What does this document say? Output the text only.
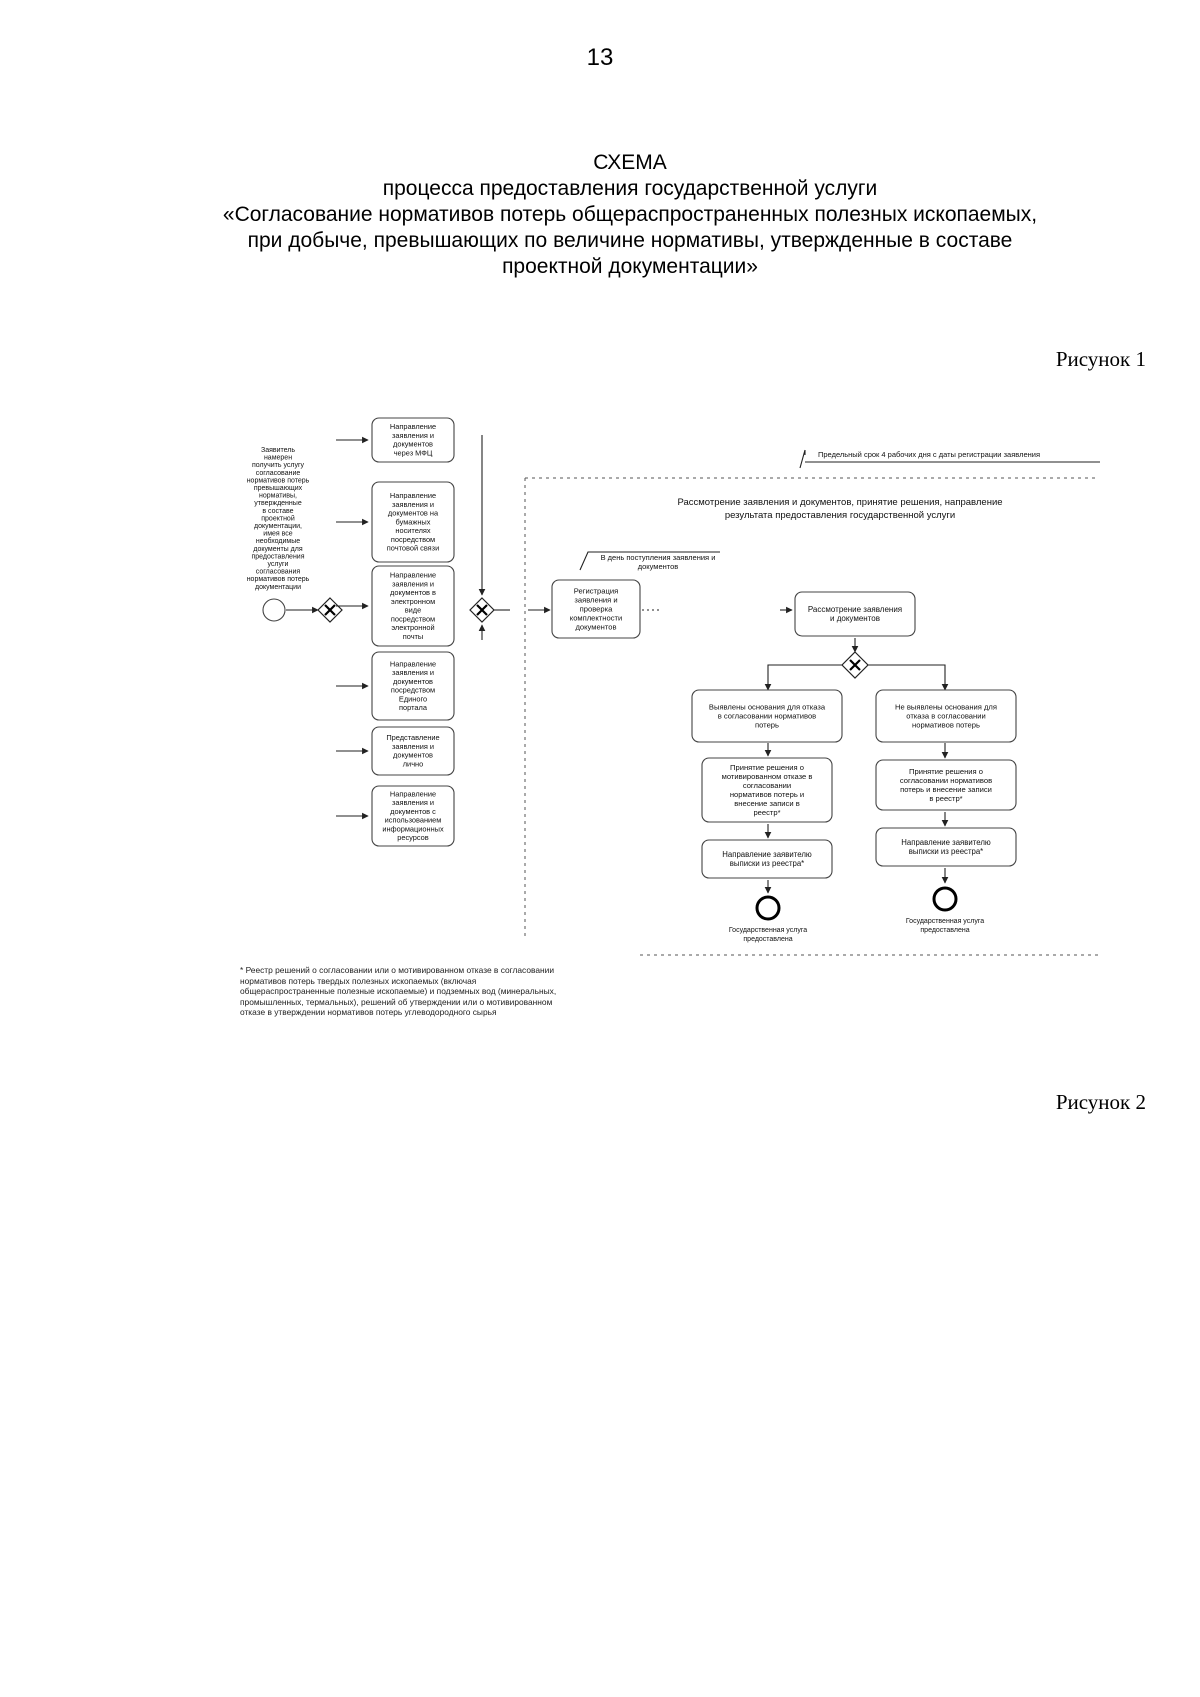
13
СХЕМА
процесса предоставления государственной услуги
«Согласование нормативов потерь общераспространенных полезных ископаемых,
при добыче, превышающих по величине нормативы, утвержденные в составе
проектной документации»
Рисунок 1
Заявитель намерен получить услугу согласование нормативов потерь превышающих нормативы, утвержденные в составе проектной документации, имея все необходимые документы для предоставления услуги согласования нормативов потерь документации
Направление заявления и документов через МФЦ
Направление заявления и документов на бумажных носителях посредством почтовой связи
Направление заявления и документов в электронном виде посредством электронной почты
Направление заявления и документов посредством Единого портала
Представление заявления и документов лично
Направление заявления и документов с использованием информационных ресурсов
Предельный срок 4 рабочих дня с даты регистрации заявления
Рассмотрение заявления и документов, принятие решения, направление результата предоставления государственной услуги
В день поступления заявления и документов
Регистрация заявления и проверка комплектности документов
Рассмотрение заявления и документов
Выявлены основания для отказа в согласовании нормативов потерь
Не выявлены основания для отказа в согласовании нормативов потерь
Принятие решения о мотивированном отказе в согласовании нормативов потерь и внесение записи в реестр*
Принятие решения о согласовании нормативов потерь и внесение записи в реестр*
Направление заявителю выписки из реестра*
Направление заявителю выписки из реестра*
Государственная услуга предоставлена
Государственная услуга предоставлена
* Реестр решений о согласовании или о мотивированном отказе в согласовании
нормативов потерь твердых полезных ископаемых (включая
общераспространенные полезные ископаемые) и подземных вод (минеральных,
промышленных, термальных), решений об утверждении или о мотивированном
отказе в утверждении нормативов потерь углеводородного сырья
Рисунок 2
